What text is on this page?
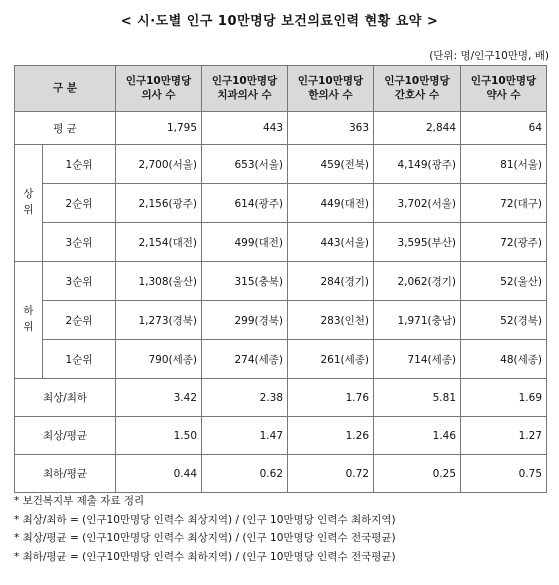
< 시·도별 인구 10만명당 보건의료인력 현황 요약 >
(단위: 명/인구10만명, 배)
구 분		인구10만명당 의사 수	인구10만명당 치과의사 수	인구10만명당 한의사 수	인구10만명당 간호사 수	인구10만명당 약사 수
평 균		1,795	443	363	2,844	64

상
위	1순위	2,700(서울)	653(서울)	459(전북)	4,149(광주)	81(서울)
	2순위	2,156(광주)	614(광주)	449(대전)	3,702(서울)	72(대구)
	3순위	2,154(대전)	499(대전)	443(서울)	3,595(부산)	72(광주)

하
위	3순위	1,308(울산)	315(충북)	284(경기)	2,062(경기)	52(울산)
	2순위	1,273(경북)	299(경북)	283(인천)	1,971(충남)	52(경북)
	1순위	790(세종)	274(세종)	261(세종)	714(세종)	48(세종)
최상/최하		3.42	2.38	1.76	5.81	1.69
최상/평균		1.50	1.47	1.26	1.46	1.27
최하/평균		0.44	0.62	0.72	0.25	0.75
* 보건복지부 제출 자료 정리
* 최상/최하 = (인구10만명당 인력수 최상지역) / (인구 10만명당 인력수 최하지역)
* 최상/평균 = (인구10만명당 인력수 최상지역) / (인구 10만명당 인력수 전국평균)
* 최하/평균 = (인구10만명당 인력수 최하지역) / (인구 10만명당 인력수 전국평균)
